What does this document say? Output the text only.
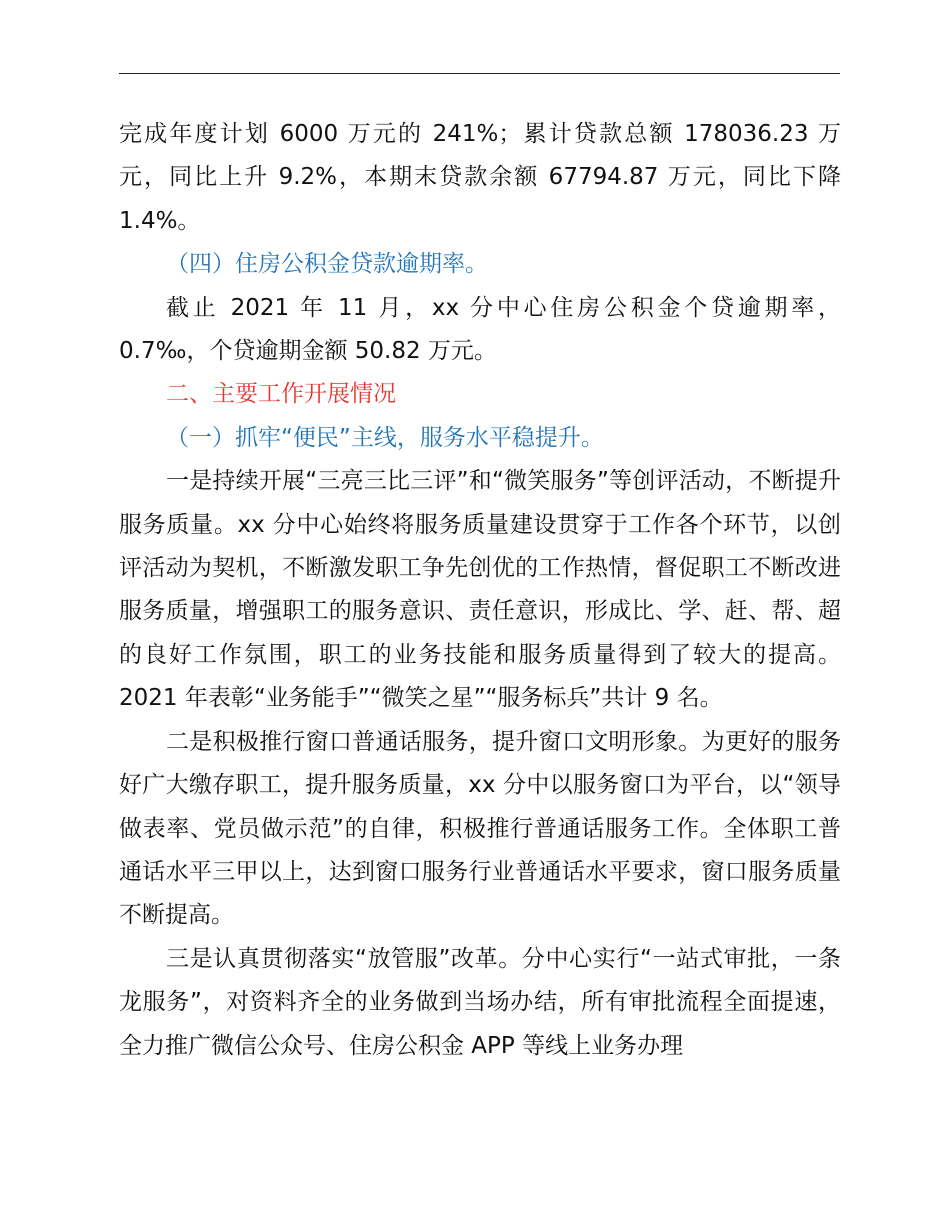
完成年度计划 6000 万元的 241%；累计贷款总额 178036.23 万元，同比上升 9.2%，本期末贷款余额 67794.87 万元，同比下降 1.4%。

（四）住房公积金贷款逾期率。

截止 2021 年 11 月，xx 分中心住房公积金个贷逾期率，0.7‰，个贷逾期金额 50.82 万元。

二、主要工作开展情况

（一）抓牢“便民”主线，服务水平稳提升。

一是持续开展“三亮三比三评”和“微笑服务”等创评活动，不断提升服务质量。xx 分中心始终将服务质量建设贯穿于工作各个环节，以创评活动为契机，不断激发职工争先创优的工作热情，督促职工不断改进服务质量，增强职工的服务意识、责任意识，形成比、学、赶、帮、超的良好工作氛围，职工的业务技能和服务质量得到了较大的提高。2021 年表彰“业务能手”“微笑之星”“服务标兵”共计 9 名。

二是积极推行窗口普通话服务，提升窗口文明形象。为更好的服务好广大缴存职工，提升服务质量，xx 分中以服务窗口为平台，以“领导做表率、党员做示范”的自律，积极推行普通话服务工作。全体职工普通话水平三甲以上，达到窗口服务行业普通话水平要求，窗口服务质量不断提高。

三是认真贯彻落实“放管服”改革。分中心实行“一站式审批，一条龙服务”，对资料齐全的业务做到当场办结，所有审批流程全面提速，全力推广微信公众号、住房公积金 APP 等线上业务办理
